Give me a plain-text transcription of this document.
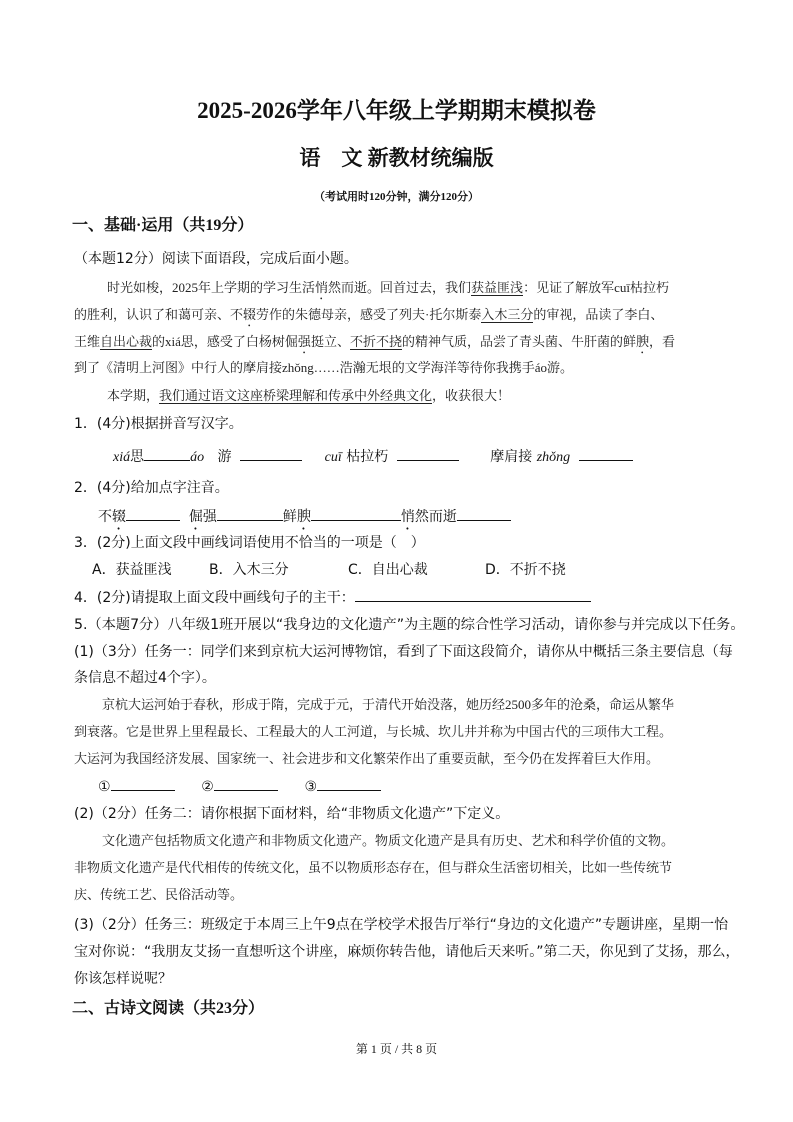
2025-2026学年八年级上学期期末模拟卷
语　文 新教材统编版
（考试用时120分钟，满分120分）
一、基础·运用（共19分）
（本题12分）阅读下面语段，完成后面小题。
时光如梭，2025年上学期的学习生活悄然而逝。回首过去，我们获益匪浅：见证了解放军cuī枯拉朽
的胜利，认识了和蔼可亲、不辍劳作的朱德母亲，感受了列夫·托尔斯泰入木三分的审视，品读了李白、
王维自出心裁的xiá思，感受了白杨树倔强挺立、不折不挠的精神气质，品尝了青头菌、牛肝菌的鲜腴，看
到了《清明上河图》中行人的摩肩接zhǒng……浩瀚无垠的文学海洋等待你我携手áo游。
本学期，我们通过语文这座桥梁理解和传承中外经典文化，收获很大！
1．(4分)根据拼音写汉字。
xiá思	áo 游	cuī 枯拉朽	摩肩接 zhǒng
2．(4分)给加点字注音。
不辍	倔强	鲜腴	悄然而逝
3．(2分)上面文段中画线词语使用不恰当的一项是（　）
A．获益匪浅	B．入木三分	C．自出心裁	D．不折不挠
4．(2分)请提取上面文段中画线句子的主干：
5.（本题7分）八年级1班开展以“我身边的文化遗产”为主题的综合性学习活动，请你参与并完成以下任务。
(1)（3分）任务一：同学们来到京杭大运河博物馆，看到了下面这段简介，请你从中概括三条主要信息（每
条信息不超过4个字）。
京杭大运河始于春秋，形成于隋，完成于元，于清代开始没落，她历经2500多年的沧桑，命运从繁华
到衰落。它是世界上里程最长、工程最大的人工河道，与长城、坎儿井并称为中国古代的三项伟大工程。
大运河为我国经济发展、国家统一、社会进步和文化繁荣作出了重要贡献，至今仍在发挥着巨大作用。
①	②	③
(2)（2分）任务二：请你根据下面材料，给“非物质文化遗产”下定义。
文化遗产包括物质文化遗产和非物质文化遗产。物质文化遗产是具有历史、艺术和科学价值的文物。
非物质文化遗产是代代相传的传统文化，虽不以物质形态存在，但与群众生活密切相关，比如一些传统节
庆、传统工艺、民俗活动等。
(3)（2分）任务三：班级定于本周三上午9点在学校学术报告厅举行“身边的文化遗产”专题讲座，星期一怡
宝对你说：“我朋友艾扬一直想听这个讲座，麻烦你转告他，请他后天来听。”第二天，你见到了艾扬，那么，
你该怎样说呢？
二、古诗文阅读（共23分）
第 1 页 / 共 8 页
